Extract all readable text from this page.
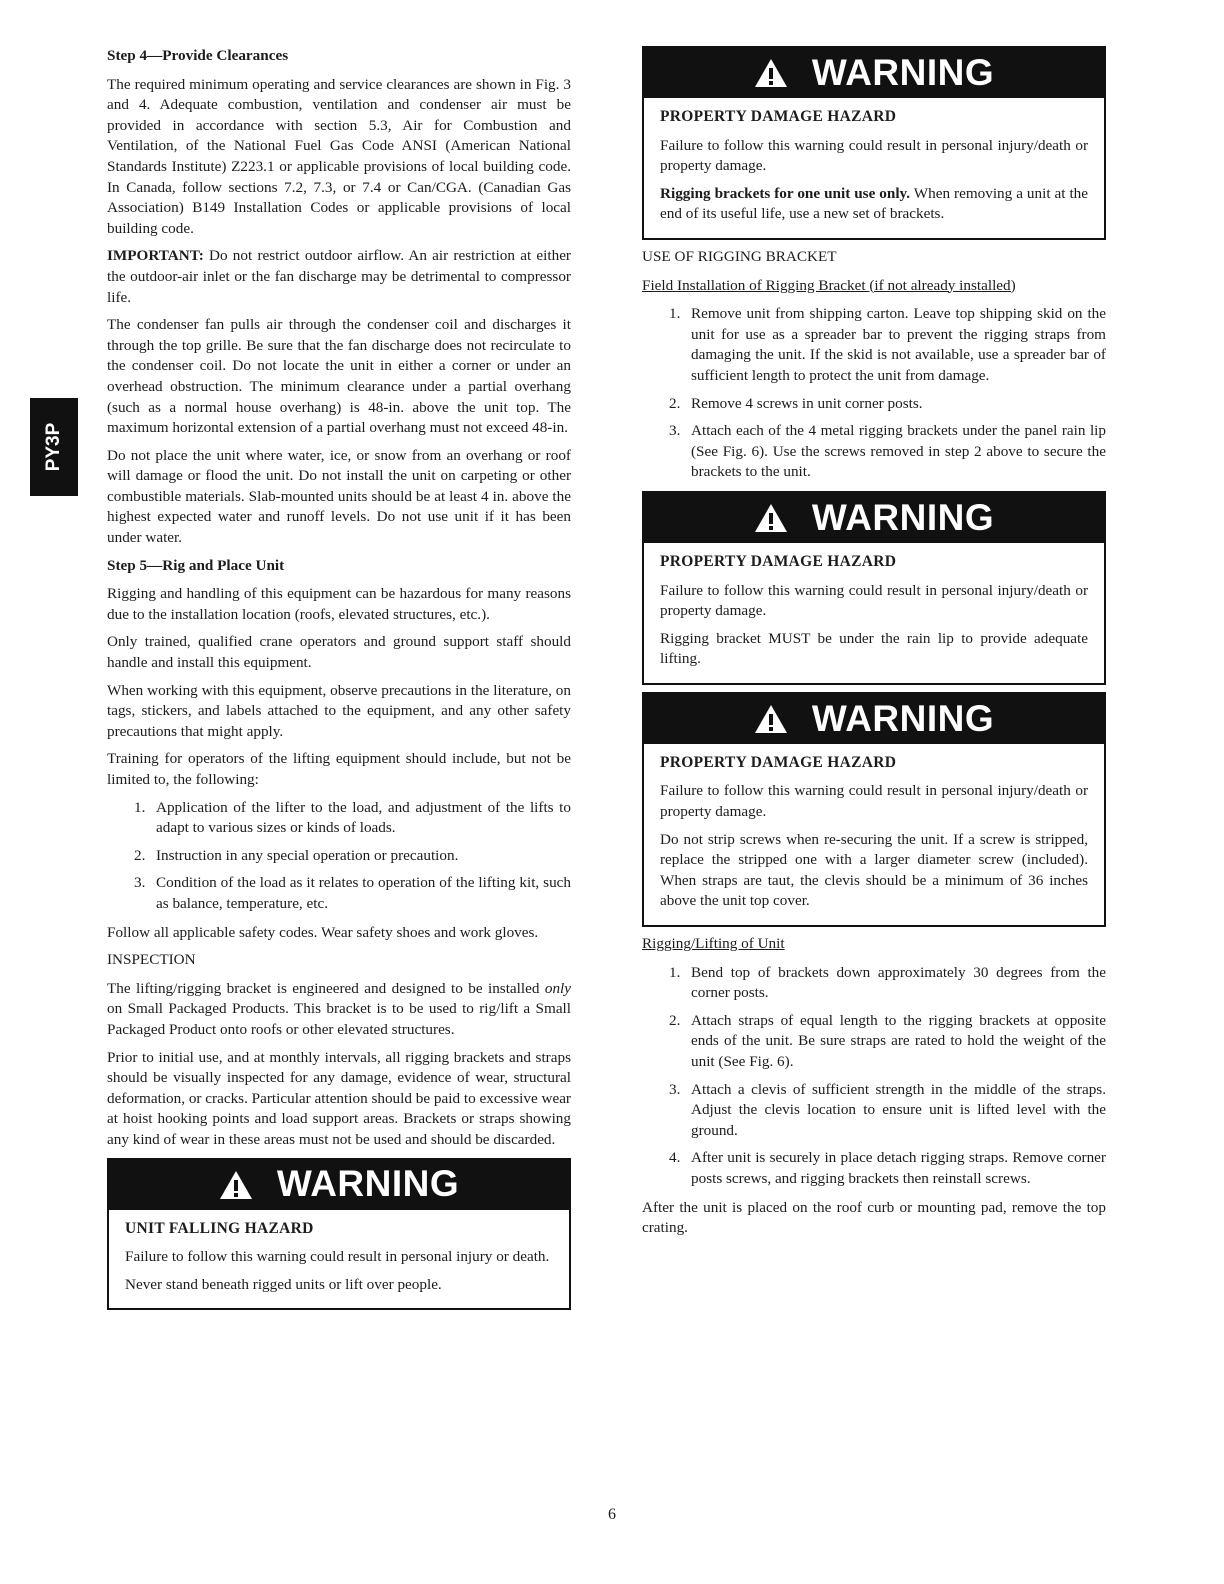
PY3P

Step 4—Provide Clearances

The required minimum operating and service clearances are shown in Fig. 3 and 4. Adequate combustion, ventilation and condenser air must be provided in accordance with section 5.3, Air for Combustion and Ventilation, of the National Fuel Gas Code ANSI (American National Standards Institute) Z223.1 or applicable provisions of local building code. In Canada, follow sections 7.2, 7.3, or 7.4 or Can/CGA. (Canadian Gas Association) B149 Installation Codes or applicable provisions of local building code.

IMPORTANT: Do not restrict outdoor airflow. An air restriction at either the outdoor-air inlet or the fan discharge may be detrimental to compressor life.

The condenser fan pulls air through the condenser coil and discharges it through the top grille. Be sure that the fan discharge does not recirculate to the condenser coil. Do not locate the unit in either a corner or under an overhead obstruction. The minimum clearance under a partial overhang (such as a normal house overhang) is 48-in. above the unit top. The maximum horizontal extension of a partial overhang must not exceed 48-in.

Do not place the unit where water, ice, or snow from an overhang or roof will damage or flood the unit. Do not install the unit on carpeting or other combustible materials. Slab-mounted units should be at least 4 in. above the highest expected water and runoff levels. Do not use unit if it has been under water.

Step 5—Rig and Place Unit

Rigging and handling of this equipment can be hazardous for many reasons due to the installation location (roofs, elevated structures, etc.).

Only trained, qualified crane operators and ground support staff should handle and install this equipment.

When working with this equipment, observe precautions in the literature, on tags, stickers, and labels attached to the equipment, and any other safety precautions that might apply.

Training for operators of the lifting equipment should include, but not be limited to, the following:

1. Application of the lifter to the load, and adjustment of the lifts to adapt to various sizes or kinds of loads.
2. Instruction in any special operation or precaution.
3. Condition of the load as it relates to operation of the lifting kit, such as balance, temperature, etc.

Follow all applicable safety codes. Wear safety shoes and work gloves.

INSPECTION

The lifting/rigging bracket is engineered and designed to be installed only on Small Packaged Products. This bracket is to be used to rig/lift a Small Packaged Product onto roofs or other elevated structures.

Prior to initial use, and at monthly intervals, all rigging brackets and straps should be visually inspected for any damage, evidence of wear, structural deformation, or cracks. Particular attention should be paid to excessive wear at hoist hooking points and load support areas. Brackets or straps showing any kind of wear in these areas must not be used and should be discarded.

WARNING

UNIT FALLING HAZARD

Failure to follow this warning could result in personal injury or death.

Never stand beneath rigged units or lift over people.

WARNING

PROPERTY DAMAGE HAZARD

Failure to follow this warning could result in personal injury/death or property damage.

Rigging brackets for one unit use only. When removing a unit at the end of its useful life, use a new set of brackets.

USE OF RIGGING BRACKET

Field Installation of Rigging Bracket (if not already installed)

1. Remove unit from shipping carton. Leave top shipping skid on the unit for use as a spreader bar to prevent the rigging straps from damaging the unit. If the skid is not available, use a spreader bar of sufficient length to protect the unit from damage.
2. Remove 4 screws in unit corner posts.
3. Attach each of the 4 metal rigging brackets under the panel rain lip (See Fig. 6). Use the screws removed in step 2 above to secure the brackets to the unit.
WARNING

PROPERTY DAMAGE HAZARD

Failure to follow this warning could result in personal injury/death or property damage.

Rigging bracket MUST be under the rain lip to provide adequate lifting.

WARNING

PROPERTY DAMAGE HAZARD

Failure to follow this warning could result in personal injury/death or property damage.

Do not strip screws when re-securing the unit. If a screw is stripped, replace the stripped one with a larger diameter screw (included). When straps are taut, the clevis should be a minimum of 36 inches above the unit top cover.

Rigging/Lifting of Unit

1. Bend top of brackets down approximately 30 degrees from the corner posts.
2. Attach straps of equal length to the rigging brackets at opposite ends of the unit. Be sure straps are rated to hold the weight of the unit (See Fig. 6).
3. Attach a clevis of sufficient strength in the middle of the straps. Adjust the clevis location to ensure unit is lifted level with the ground.
4. After unit is securely in place detach rigging straps. Remove corner posts screws, and rigging brackets then reinstall screws.

After the unit is placed on the roof curb or mounting pad, remove the top crating.

6
